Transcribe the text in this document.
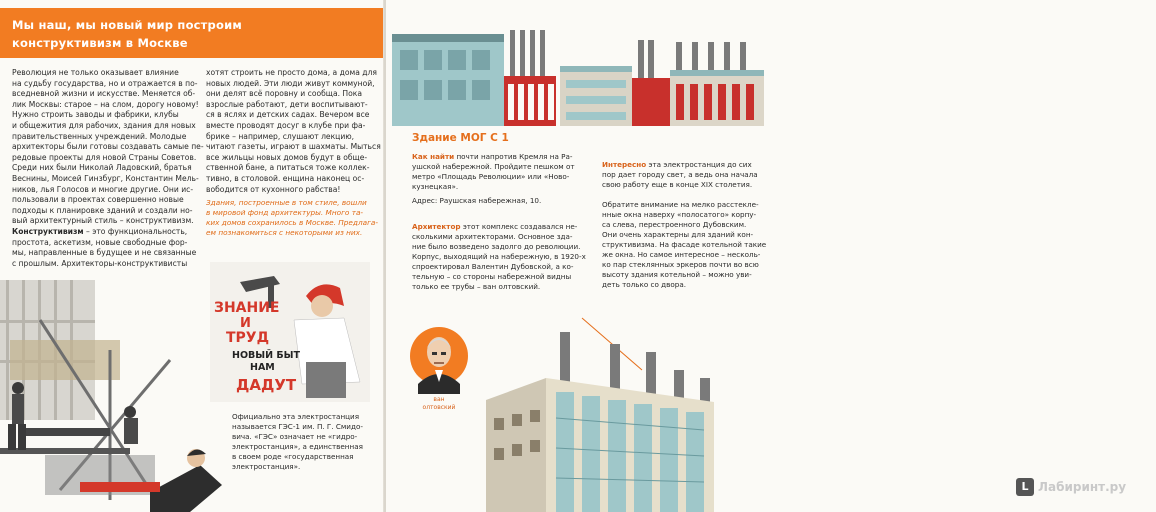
Мы наш, мы новый мир построим
конструктивизм в Москве

Революция не только оказывает влияние

на судьбу государства, но и отражается в по-

вседневной жизни и искусстве. Меняется об-

лик Москвы: старое – на слом, дорогу новому!

Нужно строить заводы и фабрики, клубы

и общежития для рабочих, здания для новых

правительственных учреждений. Молодые

архитекторы были готовы создавать самые пе-

редовые проекты для новой Страны Советов.

Среди них были Николай Ладовский, братья

Веснины, Моисей Гинзбург, Константин Мель-

ников, лья Голосов и многие другие. Они ис-

пользовали в проектах совершенно новые

подходы к планировке зданий и создали но-

вый архитектурный стиль – конструктивизм.

Конструктивизм – это функциональность,

простота, аскетизм, новые свободные фор-

мы, направленные в будущее и не связанные

с прошлым. Архитекторы-конструктивисты

хотят строить не просто дома, а дома для

новых людей. Эти люди живут коммуной,

они делят всё поровну и сообща. Пока

взрослые работают, дети воспитывают-

ся в яслях и детских садах. Вечером все

вместе проводят досуг в клубе при фа-

брике – например, слушают лекцию,

читают газеты, играют в шахматы. Мыться

все жильцы новых домов будут в обще-

ственной бане, а питаться тоже коллек-

тивно, в столовой. енщина наконец ос-

вободится от кухонного рабства!

Здания, построенные в том стиле, вошли

в мировой фонд архитектуры. Много та-

ких домов сохранилось в Москве. Предлага-

ем познакомиться с некоторыми из них.

ЗНАНИЕ
И
ТРУД
НОВЫЙ БЫТ
НАМ
ДАДУТ

Официально эта электростанция

называется ГЭС-1 им. П. Г. Смидо-

вича. «ГЭС» означает не «гидро-

электростанция», а единственная

в своем роде «государственная

электростанция».

Здание МОГ С 1

Как найти почти напротив Кремля на Ра-

ушской набережной. Пройдите пешком от

метро «Площадь Революции» или «Ново-

кузнецкая».

Адрес: Раушская набережная, 10.

Архитектор этот комплекс создавался не-

сколькими архитекторами. Основное зда-

ние было возведено задолго до революции.

Корпус, выходящий на набережную, в 1920-х

спроектировал Валентин Дубовской, а ко-

тельную – со стороны набережной видны

только ее трубы – ван олтовский.

Интересно эта электростанция до сих

пор дает городу свет, а ведь она начала

свою работу еще в конце XIX столетия.

Обратите внимание на мелко расстекле-

нные окна наверху «полосатого» корпу-

са слева, перестроенного Дубовским.

Они очень характерны для зданий кон-

структивизма. На фасаде котельной такие

же окна. Но самое интересное – несколь-

ко пар стеклянных эркеров почти во всю

высоту здания котельной – можно уви-

деть только со двора.

ван
олтовский
L Лабиринт.ру
